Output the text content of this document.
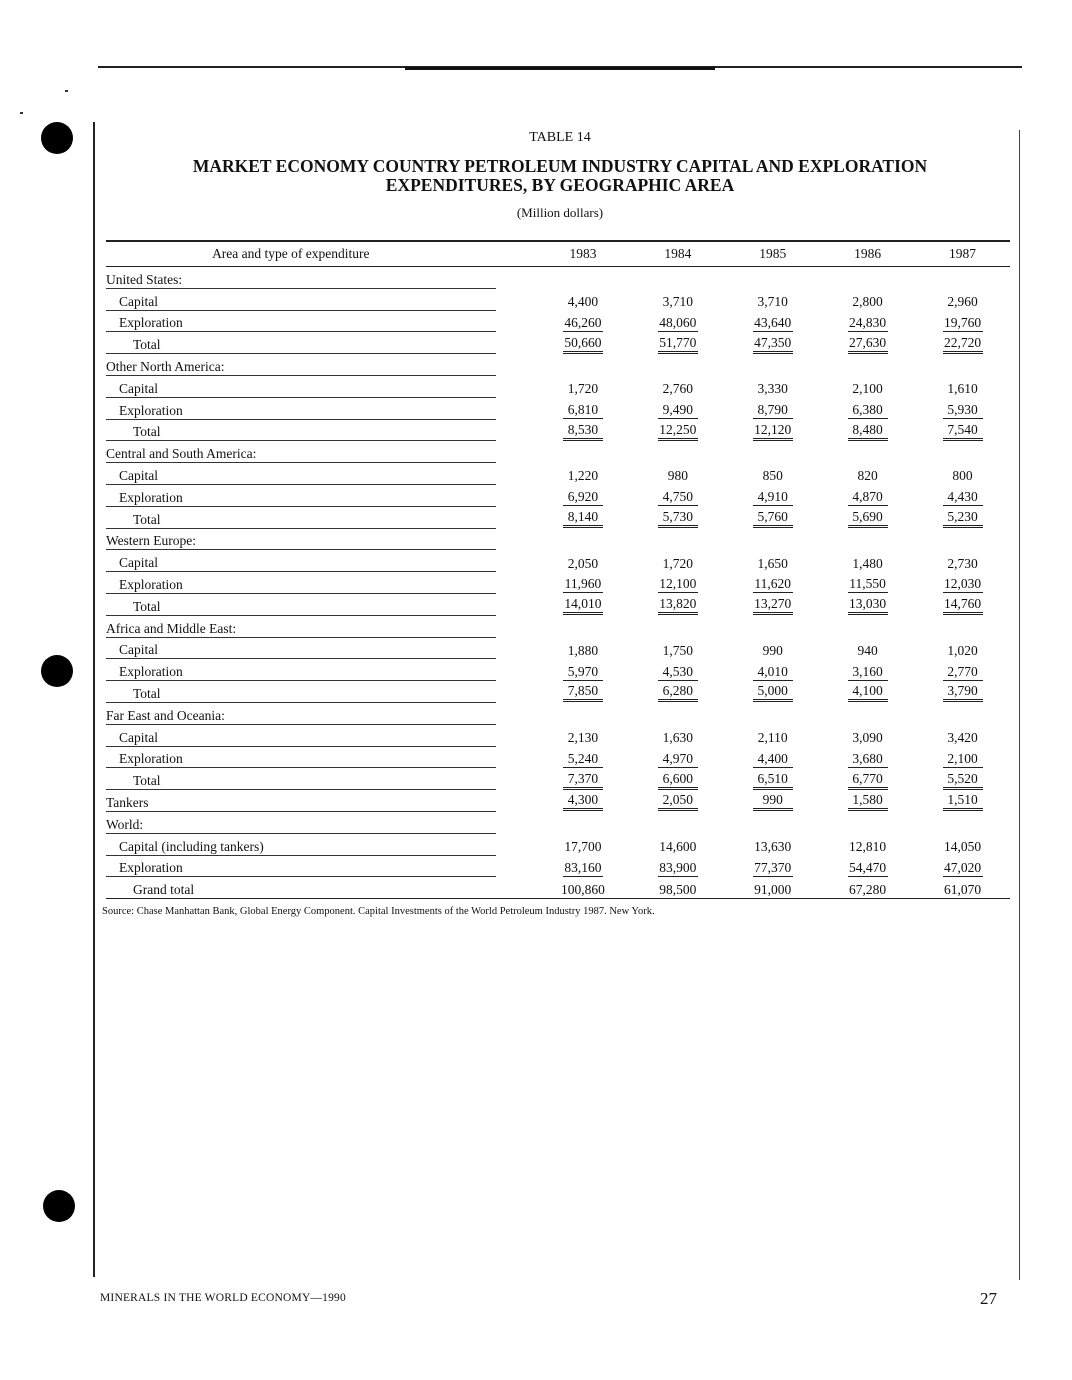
TABLE 14
MARKET ECONOMY COUNTRY PETROLEUM INDUSTRY CAPITAL AND EXPLORATION
EXPENDITURES, BY GEOGRAPHIC AREA
(Million dollars)
Area and type of expenditure		1983	1984	1985	1986	1987
United States:						
Capital		4,400	3,710	3,710	2,800	2,960
Exploration		46,260	48,060	43,640	24,830	19,760
Total		50,660	51,770	47,350	27,630	22,720
Other North America:						
Capital		1,720	2,760	3,330	2,100	1,610
Exploration		6,810	9,490	8,790	6,380	5,930
Total		8,530	12,250	12,120	8,480	7,540
Central and South America:						
Capital		1,220	980	850	820	800
Exploration		6,920	4,750	4,910	4,870	4,430
Total		8,140	5,730	5,760	5,690	5,230
Western Europe:						
Capital		2,050	1,720	1,650	1,480	2,730
Exploration		11,960	12,100	11,620	11,550	12,030
Total		14,010	13,820	13,270	13,030	14,760
Africa and Middle East:						
Capital		1,880	1,750	990	940	1,020
Exploration		5,970	4,530	4,010	3,160	2,770
Total		7,850	6,280	5,000	4,100	3,790
Far East and Oceania:						
Capital		2,130	1,630	2,110	3,090	3,420
Exploration		5,240	4,970	4,400	3,680	2,100
Total		7,370	6,600	6,510	6,770	5,520
Tankers		4,300	2,050	990	1,580	1,510
World:						
Capital (including tankers)		17,700	14,600	13,630	12,810	14,050
Exploration		83,160	83,900	77,370	54,470	47,020
Grand total		100,860	98,500	91,000	67,280	61,070
Source: Chase Manhattan Bank, Global Energy Component. Capital Investments of the World Petroleum Industry 1987. New York.
MINERALS IN THE WORLD ECONOMY—1990	27
